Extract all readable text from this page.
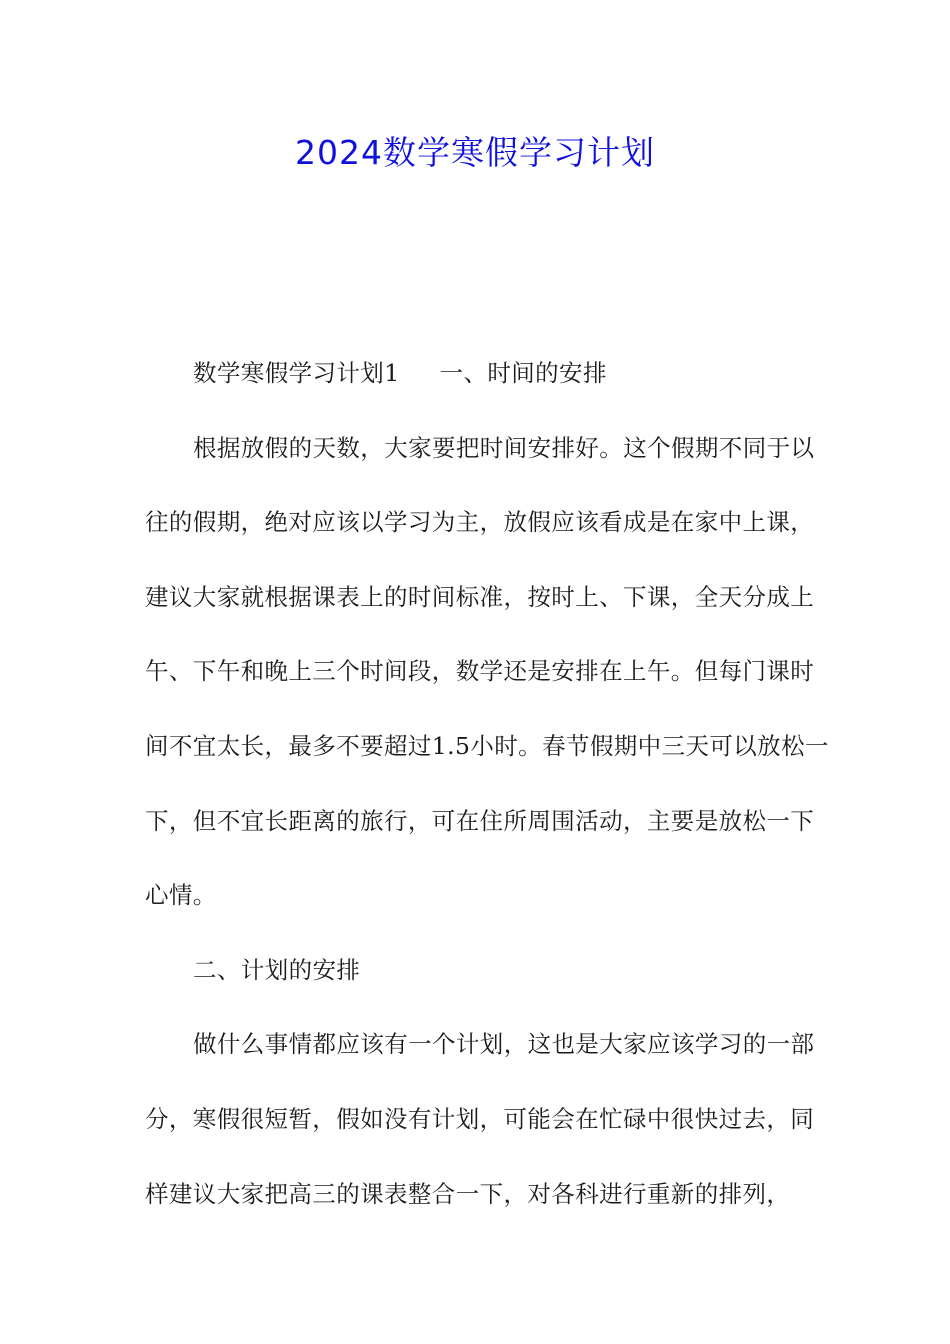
2024数学寒假学习计划

数学寒假学习计划1 一、时间的安排

根据放假的天数，大家要把时间安排好。这个假期不同于以往的假期，绝对应该以学习为主，放假应该看成是在家中上课，建议大家就根据课表上的时间标准，按时上、下课，全天分成上午、下午和晚上三个时间段，数学还是安排在上午。但每门课时间不宜太长，最多不要超过1.5小时。春节假期中三天可以放松一下，但不宜长距离的旅行，可在住所周围活动，主要是放松一下心情。

二、计划的安排

做什么事情都应该有一个计划，这也是大家应该学习的一部分，寒假很短暂，假如没有计划，可能会在忙碌中很快过去，同样建议大家把高三的课表整合一下，对各科进行重新的排列，
